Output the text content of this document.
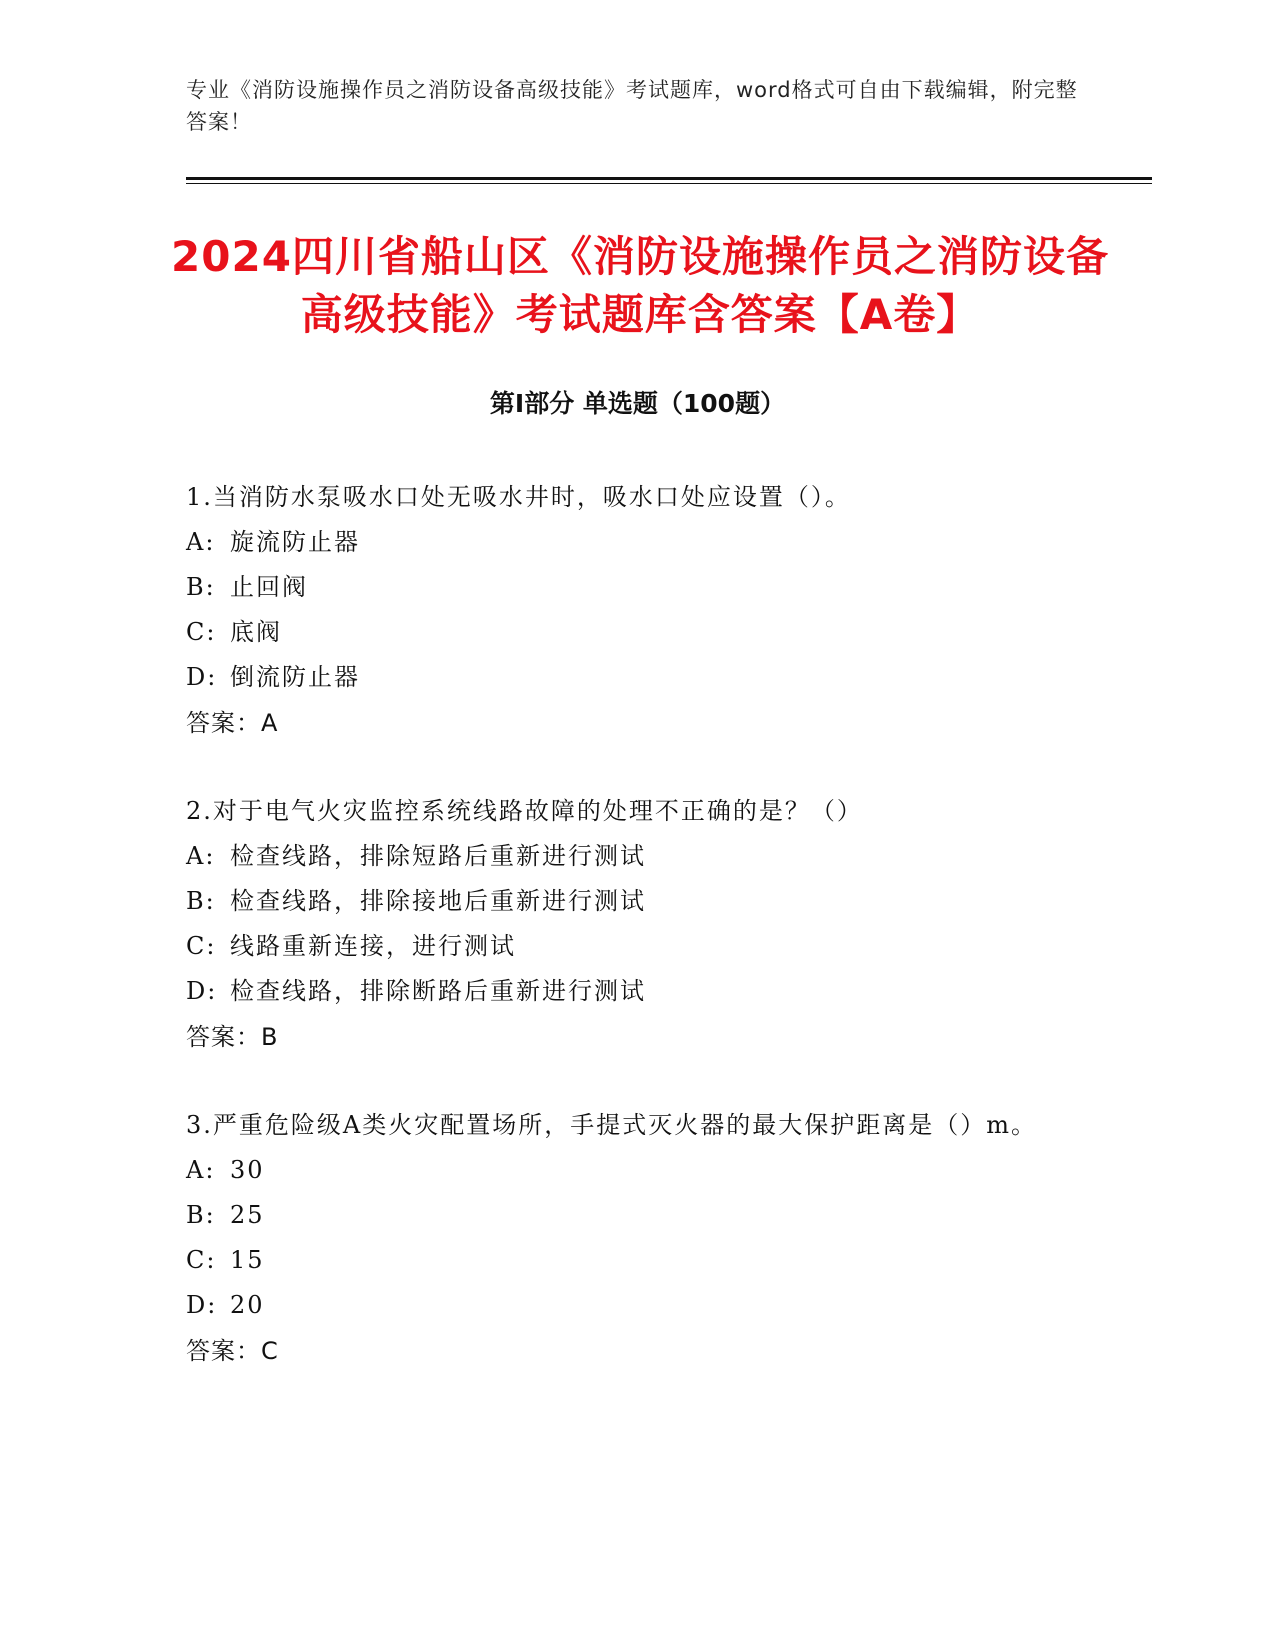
专业《消防设施操作员之消防设备高级技能》考试题库，word格式可自由下载编辑，附完整答案！
2024四川省船山区《消防设施操作员之消防设备高级技能》考试题库含答案【A卷】
第Ⅰ部分 单选题（100题）
1.当消防水泵吸水口处无吸水井时，吸水口处应设置（）。
A: 旋流防止器
B: 止回阀
C: 底阀
D: 倒流防止器
答案：A
2.对于电气火灾监控系统线路故障的处理不正确的是？（）
A: 检查线路，排除短路后重新进行测试
B: 检查线路，排除接地后重新进行测试
C: 线路重新连接，进行测试
D: 检查线路，排除断路后重新进行测试
答案：B
3.严重危险级A类火灾配置场所，手提式灭火器的最大保护距离是（）m。
A: 30
B: 25
C: 15
D: 20
答案：C
